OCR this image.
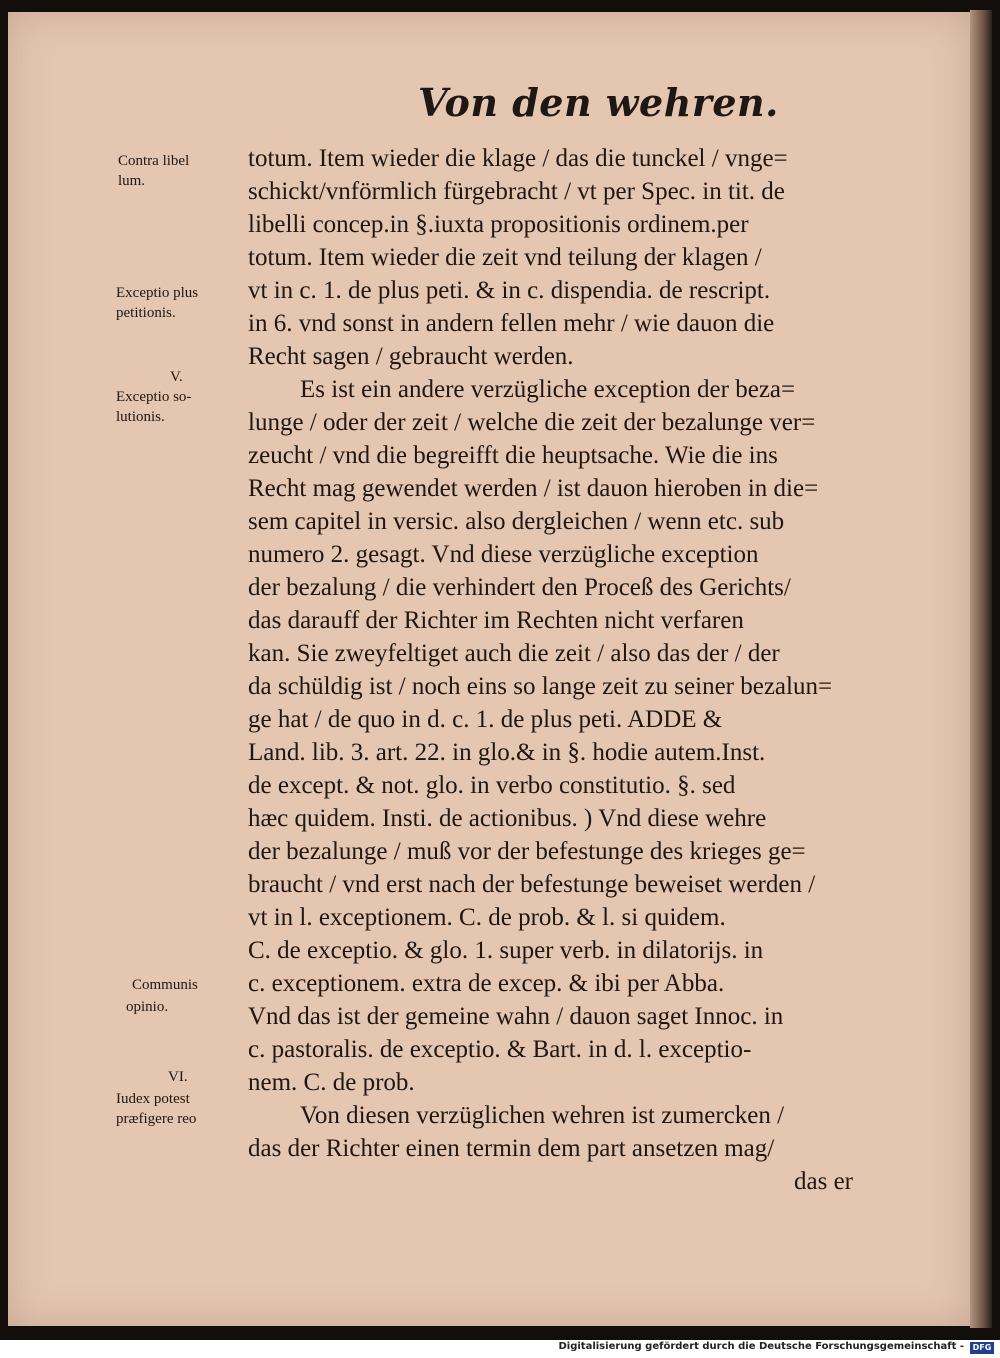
Von den wehren.
Contra libel
lum.
Exceptio plus
petitionis.
V.
Exceptio so-
lutionis.
Communis
opinio.
VI.
Iudex potest
præfigere reo
totum. Item wieder die klage / das die tunckel / vnge=
schickt/vnförmlich fürgebracht / vt per Spec. in tit. de
libelli concep.in §.iuxta propositionis ordinem.per
totum. Item wieder die zeit vnd teilung der klagen /
vt in c. 1. de plus peti. & in c. dispendia. de rescript.
in 6. vnd sonst in andern fellen mehr / wie dauon die
Recht sagen / gebraucht werden.
Es ist ein andere verzügliche exception der beza=
lunge / oder der zeit / welche die zeit der bezalunge ver=
zeucht / vnd die begreifft die heuptsache. Wie die ins
Recht mag gewendet werden / ist dauon hieroben in die=
sem capitel in versic. also dergleichen / wenn etc. sub
numero 2. gesagt. Vnd diese verzügliche exception
der bezalung / die verhindert den Proceß des Gerichts/
das darauff der Richter im Rechten nicht verfaren
kan. Sie zweyfeltiget auch die zeit / also das der / der
da schüldig ist / noch eins so lange zeit zu seiner bezalun=
ge hat / de quo in d. c. 1. de plus peti. ADDE &
Land. lib. 3. art. 22. in glo.& in §. hodie autem.Inst.
de except. & not. glo. in verbo constitutio. §. sed
hæc quidem. Insti. de actionibus. ) Vnd diese wehre
der bezalunge / muß vor der befestunge des krieges ge=
braucht / vnd erst nach der befestunge beweiset werden /
vt in l. exceptionem. C. de prob. & l. si quidem.
C. de exceptio. & glo. 1. super verb. in dilatorijs. in
c. exceptionem. extra de excep. & ibi per Abba.
Vnd das ist der gemeine wahn / dauon saget Innoc. in
c. pastoralis. de exceptio. & Bart. in d. l. exceptio-
nem. C. de prob.
Von diesen verzüglichen wehren ist zumercken /
das der Richter einen termin dem part ansetzen mag/
das er
Digitalisierung gefördert durch die Deutsche Forschungsgemeinschaft -	DFG
